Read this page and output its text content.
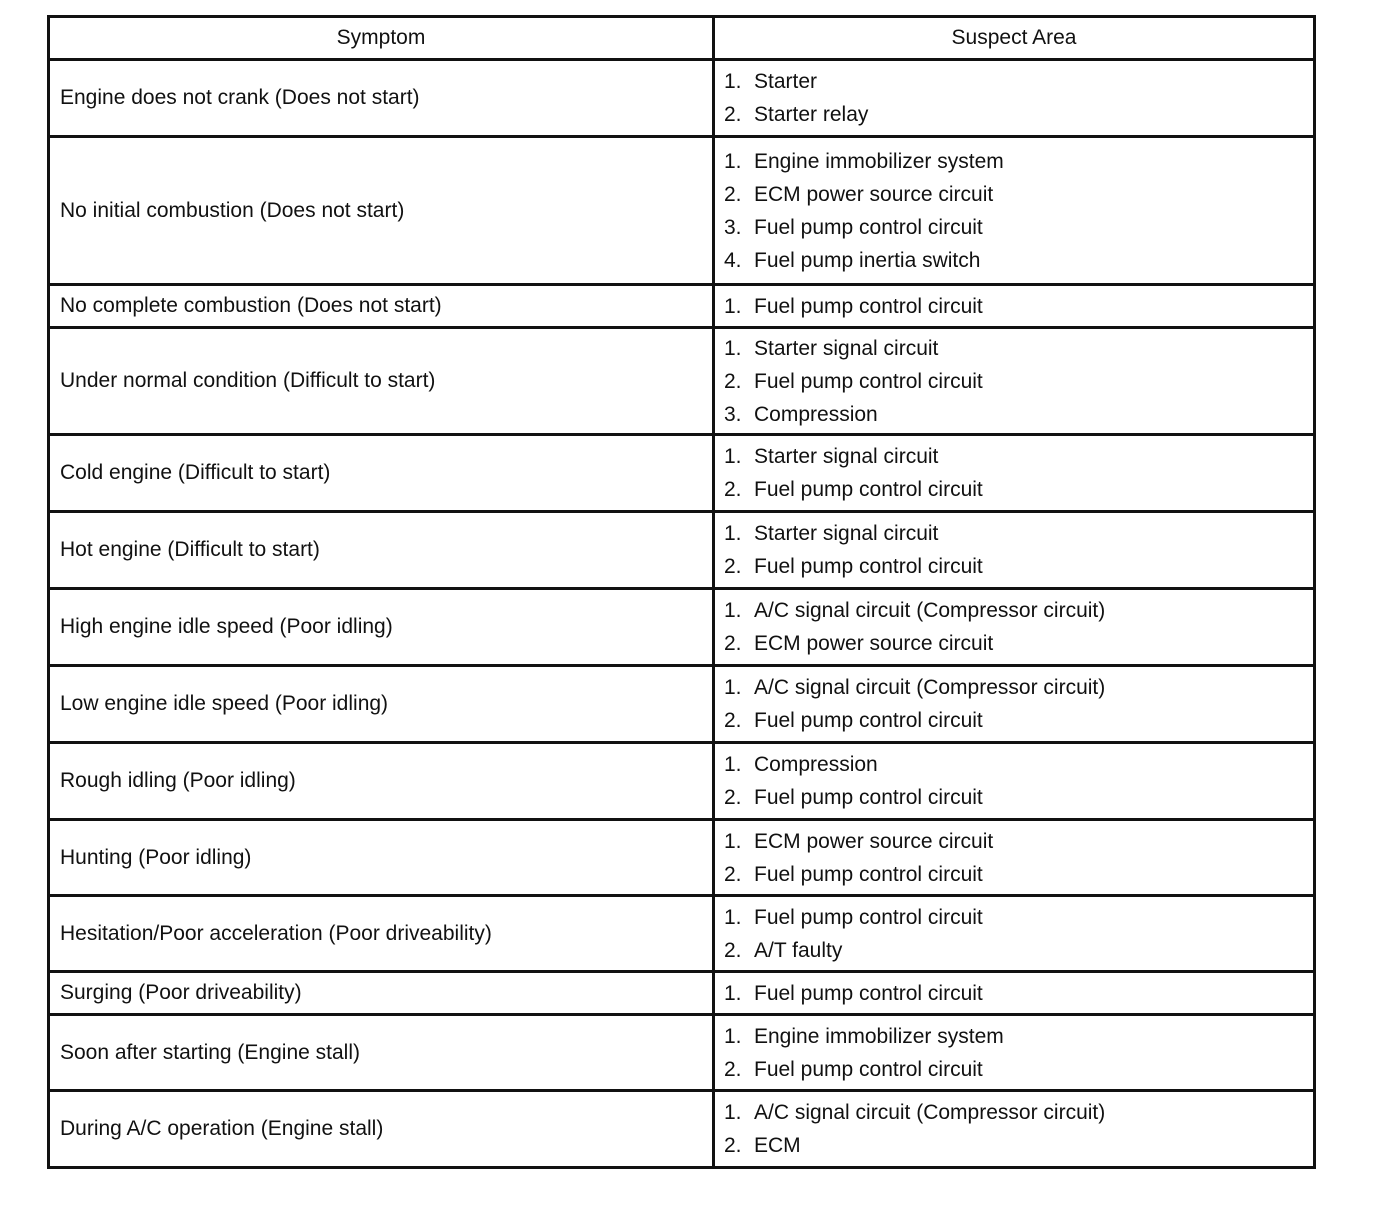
Symptom	Suspect Area
Engine does not crank (Does not start)	1. Starter
2. Starter relay

No initial combustion (Does not start)	1. Engine immobilizer system
2. ECM power source circuit
3. Fuel pump control circuit
4. Fuel pump inertia switch

No complete combustion (Does not start)	1. Fuel pump control circuit

Under normal condition (Difficult to start)	1. Starter signal circuit
2. Fuel pump control circuit
3. Compression

Cold engine (Difficult to start)	1. Starter signal circuit
2. Fuel pump control circuit

Hot engine (Difficult to start)	1. Starter signal circuit
2. Fuel pump control circuit

High engine idle speed (Poor idling)	1. A/C signal circuit (Compressor circuit)
2. ECM power source circuit

Low engine idle speed (Poor idling)	1. A/C signal circuit (Compressor circuit)
2. Fuel pump control circuit

Rough idling (Poor idling)	1. Compression
2. Fuel pump control circuit

Hunting (Poor idling)	1. ECM power source circuit
2. Fuel pump control circuit

Hesitation/Poor acceleration (Poor driveability)	1. Fuel pump control circuit
2. A/T faulty

Surging (Poor driveability)	1. Fuel pump control circuit

Soon after starting (Engine stall)	1. Engine immobilizer system
2. Fuel pump control circuit

During A/C operation (Engine stall)	1. A/C signal circuit (Compressor circuit)
2. ECM
